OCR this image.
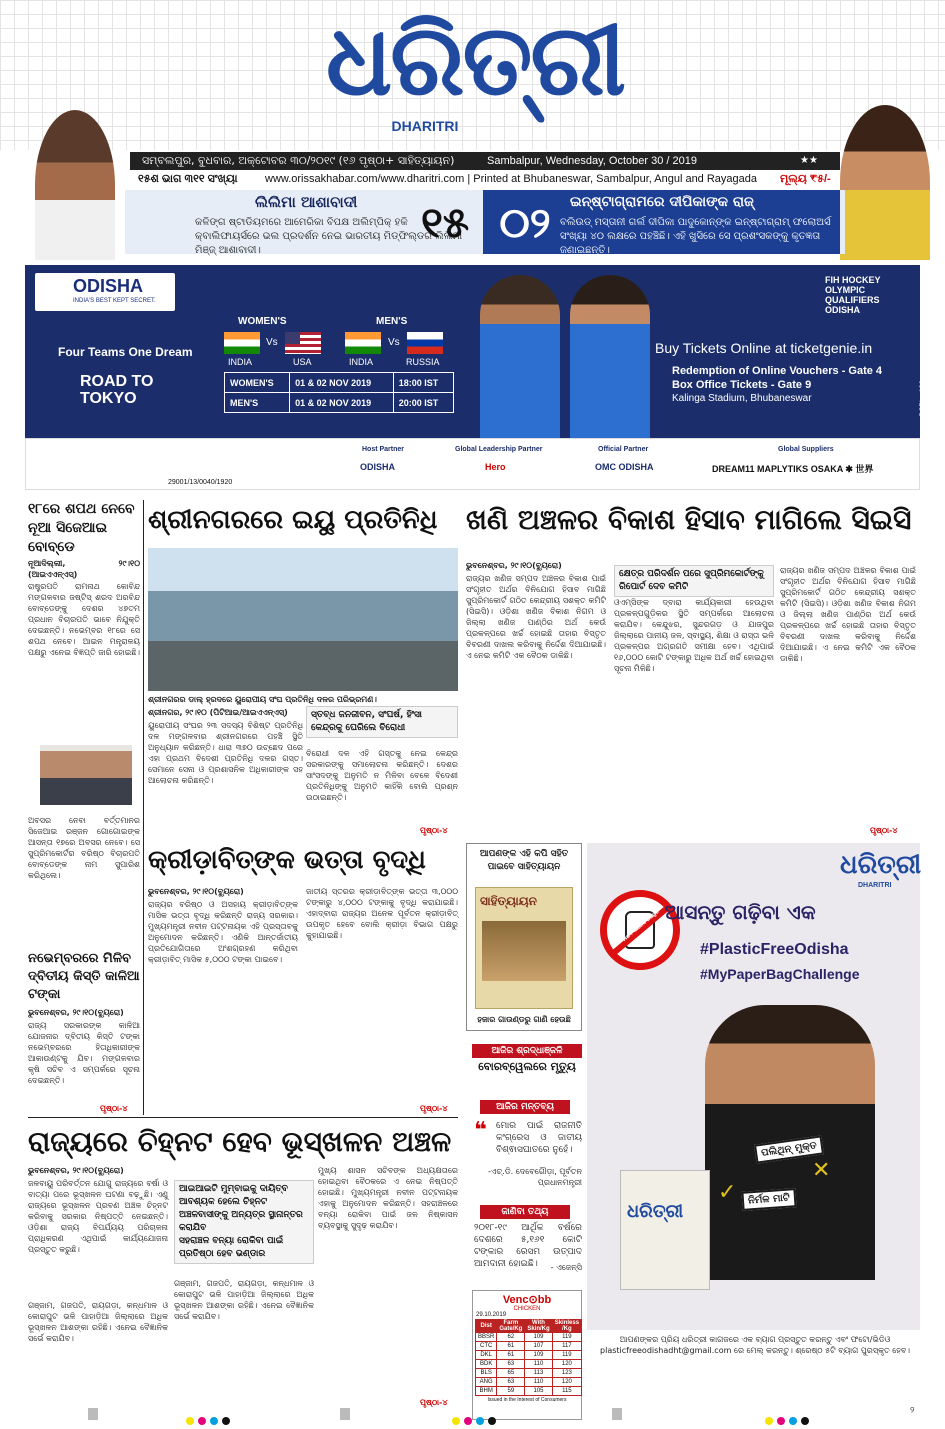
ଧରିତ୍ରୀ
DHARITRI
ସମ୍ବଲପୁର, ବୁଧବାର, ଅକ୍ଟୋବର ୩୦/୨୦୧୯ (୧୬ ପୃଷ୍ଠା+ ସାହିତ୍ୟାୟନ)	Sambalpur, Wednesday, October 30 / 2019	★★
୧୫ଶ ଭାଗ ୩୧୧ ସଂଖ୍ୟା	www.orissakhabar.com/www.dharitri.com | Printed at Bhubaneswar, Sambalpur, Angul and Rayagada	ମୂଲ୍ୟ ₹୫/-
ଲିଲିମା ଆଶାବାଦୀ
କଳିଙ୍ଗ ଷ୍ଟାଡିୟମରେ ଆମେରିକା ବିପକ୍ଷ ଅଲିମ୍ପିକ୍ ହକି କ୍ବାଲିଫାୟର୍ସରେ ଭଲ ପ୍ରଦର୍ଶନ ନେଇ ଭାରତୀୟ ମିଡ୍‌ଫିଲ୍ଡର ଲିଲିମା ମିଞ୍ଜ୍ ଆଶାବାଦୀ।
୧୫ ୦୨	ଇନ୍‌ଷ୍ଟାଗ୍ରାମରେ ଦୀପିକାଙ୍କ ରାଜ୍
ବଲିଉଡ୍ ମସ୍ତାନୀ ଗର୍ଲ ଦୀପିକା ପାଦୁକୋନ୍‌ଙ୍କ ଇନ୍‌ଷ୍ଟାଗ୍ରାମ୍ ଫଲୋଅର୍ସ ସଂଖ୍ୟା ୪୦ ଲକ୍ଷରେ ପହଞ୍ଚିଛି। ଏହି ଖୁସିରେ ସେ ପ୍ରଶଂସକଙ୍କୁ କୃତଜ୍ଞତା ଜଣାଇଛନ୍ତି।
ODISHA
INDIA'S BEST KEPT SECRET.
Four Teams One Dream
ROAD TO
TOKYO
WOMEN'S	MEN'S
Vs	Vs
INDIA	USA	INDIA	RUSSIA
WOMEN'S	01 & 02 NOV 2019	18:00 IST
MEN'S	01 & 02 NOV 2019	20:00 IST
Buy Tickets Online at ticketgenie.in
Redemption of Online Vouchers - Gate 4
Box Office Tickets - Gate 9
Kalinga Stadium, Bhubaneswar
FIH HOCKEY OLYMPIC QUALIFIERS ODISHA
DSPL - 126
Host Partner
ODISHA
Global Leadership Partner
Hero
Official Partner
OMC ODISHA
Global Suppliers
DREAM11 MAPLYTIKS OSAKA ✱ 世界
29001/13/0040/1920
୧୮ରେ ଶପଥ ନେବେ ନୂଆ ସିଜେଆଇ ବୋବ୍‌ଡେ
ନୂଆଦିଲ୍ଲୀ, ୨୯।୧୦ (ଆଇଏଏନ୍‌ଏସ୍)
ରାଷ୍ଟ୍ରପତି ରାମନାଥ କୋବିନ୍ଦ ମଙ୍ଗଳବାର ଜଷ୍ଟିସ୍ ଶରଦ ଅରବିନ୍ଦ ବୋବ୍‌ଡେଙ୍କୁ ଦେଶର ୪୭ତମ ପ୍ରଧାନ ବିଚାରପତି ଭାବେ ନିଯୁକ୍ତି ଦେଇଛନ୍ତି। ନଭେମ୍ବର ୧୮ରେ ସେ ଶପଥ ନେବେ। ଆଇନ ମନ୍ତ୍ରାଳୟ ପକ୍ଷରୁ ଏନେଇ ବିଜ୍ଞପ୍ତି ଜାରି ହୋଇଛି।
ଅବସର ନେବା ବର୍ତ୍ତମାନର ସିଜେଆଇ ରଞ୍ଜନ ଗୋଗୋଇଙ୍କ ଆସନ୍ତା ୧୭ରେ ଅବସର ନେବେ। ସେ ସୁପ୍ରିମକୋର୍ଟର ବରିଷ୍ଠ ବିଚାରପତି ବୋବ୍‌ଡେଙ୍କ ନାମ ସୁପାରିଶ କରିଥିଲେ।
ନଭେମ୍ବରରେ ମିଳିବ ଦ୍ବିତୀୟ କିସ୍ତି କାଳିଆ ଟଙ୍କା
ଭୁବନେଶ୍ବର, ୨୯।୧୦(ବ୍ୟୁରୋ)
ରାଜ୍ୟ ସରକାରଙ୍କ କାଳିଆ ଯୋଜନାର ଦ୍ବିତୀୟ କିସ୍ତି ଟଙ୍କା ନଭେମ୍ବରରେ ହିତାଧିକାରୀଙ୍କ ଆକାଉଣ୍ଟକୁ ଯିବ। ମଙ୍ଗଳବାର କୃଷି ସଚିବ ଏ ସମ୍ପର୍କରେ ସୂଚନା ଦେଇଛନ୍ତି।
ପୃଷ୍ଠା-୪
ଶ୍ରୀନଗରରେ ଇୟୁ ପ୍ରତିନିଧି
ଶ୍ରୀନଗରର ଡାଲ୍ ହ୍ରଦରେ ୟୁରୋପୀୟ ସଂଘ ପ୍ରତିନିଧି ଦଳର ପରିଭ୍ରମଣ।
ଶ୍ରୀନଗର, ୨୯।୧୦ (ପିଟିଆଇ/ଆଇଏଏନ୍‌ଏସ୍)
ୟୁରୋପୀୟ ସଂଘର ୨୩ ସଦସ୍ୟ ବିଶିଷ୍ଟ ପ୍ରତିନିଧି ଦଳ ମଙ୍ଗଳବାର ଶ୍ରୀନଗରରେ ପହଞ୍ଚି ସ୍ଥିତି ଅନୁଧ୍ୟାନ କରିଛନ୍ତି। ଧାରା ୩୭୦ ଉଚ୍ଛେଦ ପରେ ଏହା ପ୍ରଥମ ବିଦେଶୀ ପ୍ରତିନିଧି ଦଳର ଗସ୍ତ। ସେମାନେ ସେନା ଓ ପ୍ରଶାସନିକ ଅଧିକାରୀଙ୍କ ସହ ଆଲୋଚନା କରିଛନ୍ତି।
ସ୍ତବ୍ଧ ଜନଜୀବନ, ସଂଘର୍ଷ, ହିଂସା
କେନ୍ଦ୍ରକୁ ଘେରିଲେ ବିରୋଧୀ
ବିରୋଧୀ ଦଳ ଏହି ଗସ୍ତକୁ ନେଇ କେନ୍ଦ୍ର ସରକାରଙ୍କୁ ସମାଲୋଚନା କରିଛନ୍ତି। ଦେଶର ସାଂସଦଙ୍କୁ ଅନୁମତି ନ ମିଳିବା ବେଳେ ବିଦେଶୀ ପ୍ରତିନିଧିଙ୍କୁ ଅନୁମତି କାହିଁକି ବୋଲି ପ୍ରଶ୍ନ ଉଠାଇଛନ୍ତି।
ପୃଷ୍ଠା-୪
ଖଣି ଅଞ୍ଚଳର ବିକାଶ ହିସାବ ମାଗିଲେ ସିଇସି
ଭୁବନେଶ୍ବର, ୨୯।୧୦(ବ୍ୟୁରୋ)
ରାଜ୍ୟର ଖଣିଜ ସମ୍ପଦ ଅଞ୍ଚଳର ବିକାଶ ପାଇଁ ସଂଗୃହୀତ ଅର୍ଥର ବିନିଯୋଗ ହିସାବ ମାଗିଛି ସୁପ୍ରିମକୋର୍ଟ ଗଠିତ କେନ୍ଦ୍ରୀୟ ସଶକ୍ତ କମିଟି (ସିଇସି)। ଓଡ଼ିଶା ଖଣିଜ ବିକାଶ ନିଗମ ଓ ଜିଲ୍ଲା ଖଣିଜ ପାଣ୍ଠିର ଅର୍ଥ କେଉଁ ପ୍ରକଳ୍ପରେ ଖର୍ଚ୍ଚ ହୋଇଛି ତାହାର ବିସ୍ତୃତ ବିବରଣୀ ଦାଖଲ କରିବାକୁ ନିର୍ଦ୍ଦେଶ ଦିଆଯାଇଛି। ଏ ନେଇ କମିଟି ଏକ ବୈଠକ ଡାକିଛି।
କ୍ଷେତ୍ର ପରିଦର୍ଶନ ପରେ ସୁପ୍ରିମକୋର୍ଟଙ୍କୁ ରିପୋର୍ଟ ଦେବ କମିଟି
ଓଏମ୍‌ସିଙ୍କ ଦ୍ବାରା କାର୍ଯ୍ୟକାରୀ ହେଉଥିବା ପ୍ରକଳ୍ପଗୁଡ଼ିକର ସ୍ଥିତି ସମ୍ପର୍କରେ ଆଲୋଚନା କରାଯିବ। କେନ୍ଦୁଝର, ସୁନ୍ଦରଗଡ଼ ଓ ଯାଜପୁର ଜିଲ୍ଲାରେ ପାନୀୟ ଜଳ, ସ୍ବାସ୍ଥ୍ୟ, ଶିକ୍ଷା ଓ ରାସ୍ତା ଭଳି ପ୍ରକଳ୍ପର ଅଗ୍ରଗତି ସମୀକ୍ଷା ହେବ। ଏଥିପାଇଁ ୧୬,୦୦୦ କୋଟି ଟଙ୍କାରୁ ଅଧିକ ଅର୍ଥ ଖର୍ଚ୍ଚ ହୋଇଥିବା ସୂଚନା ମିଳିଛି।
ରାଜ୍ୟର ଖଣିଜ ସମ୍ପଦ ଅଞ୍ଚଳର ବିକାଶ ପାଇଁ ସଂଗୃହୀତ ଅର୍ଥର ବିନିଯୋଗ ହିସାବ ମାଗିଛି ସୁପ୍ରିମକୋର୍ଟ ଗଠିତ କେନ୍ଦ୍ରୀୟ ସଶକ୍ତ କମିଟି (ସିଇସି)। ଓଡ଼ିଶା ଖଣିଜ ବିକାଶ ନିଗମ ଓ ଜିଲ୍ଲା ଖଣିଜ ପାଣ୍ଠିର ଅର୍ଥ କେଉଁ ପ୍ରକଳ୍ପରେ ଖର୍ଚ୍ଚ ହୋଇଛି ତାହାର ବିସ୍ତୃତ ବିବରଣୀ ଦାଖଲ କରିବାକୁ ନିର୍ଦ୍ଦେଶ ଦିଆଯାଇଛି। ଏ ନେଇ କମିଟି ଏକ ବୈଠକ ଡାକିଛି।
ପୃଷ୍ଠା-୪
କ୍ରୀଡ଼ାବିତ୍‌ଙ୍କ ଭତ୍ତା ବୃଦ୍ଧି
ଭୁବନେଶ୍ବର, ୨୯।୧୦(ବ୍ୟୁରୋ)
ରାଜ୍ୟର ବରିଷ୍ଠ ଓ ଅସହାୟ କ୍ରୀଡ଼ାବିତ୍‌ଙ୍କ ମାସିକ ଭତ୍ତା ବୃଦ୍ଧି କରିଛନ୍ତି ରାଜ୍ୟ ସରକାର। ମୁଖ୍ୟମନ୍ତ୍ରୀ ନବୀନ ପଟ୍ଟନାୟକ ଏହି ପ୍ରସ୍ତାବକୁ ଅନୁମୋଦନ କରିଛନ୍ତି। ଏଣିକି ଆନ୍ତର୍ଜାତୀୟ ପ୍ରତିଯୋଗିତାରେ ଅଂଶଗ୍ରହଣ କରିଥିବା କ୍ରୀଡ଼ାବିତ୍ ମାସିକ ୫,୦୦୦ ଟଙ୍କା ପାଇବେ।
ଜାତୀୟ ସ୍ତରର କ୍ରୀଡ଼ାବିତ୍‌ଙ୍କ ଭତ୍ତା ୩,୦୦୦ ଟଙ୍କାରୁ ୪,୦୦୦ ଟଙ୍କାକୁ ବୃଦ୍ଧି କରାଯାଇଛି। ଏହାଦ୍ବାରା ରାଜ୍ୟର ଅନେକ ପୂର୍ବତନ କ୍ରୀଡ଼ାବିତ୍ ଉପକୃତ ହେବେ ବୋଲି କ୍ରୀଡ଼ା ବିଭାଗ ପକ୍ଷରୁ କୁହାଯାଇଛି।
ପୃଷ୍ଠା-୪
ରାଜ୍ୟରେ ଚିହ୍ନଟ ହେବ ଭୂସ୍ଖଳନ ଅଞ୍ଚଳ
ଭୁବନେଶ୍ବର, ୨୯।୧୦(ବ୍ୟୁରୋ)
ଜଳବାୟୁ ପରିବର୍ତ୍ତନ ଯୋଗୁ ରାଜ୍ୟରେ ବର୍ଷା ଓ ବାତ୍ୟା ପରେ ଭୂସ୍ଖଳନ ଘଟଣା ବଢ଼ୁଛି। ଏଣୁ ରାଜ୍ୟରେ ଭୂସ୍ଖଳନ ପ୍ରବଣ ଅଞ୍ଚଳ ଚିହ୍ନଟ କରିବାକୁ ସରକାର ନିଷ୍ପତ୍ତି ନେଇଛନ୍ତି। ଓଡ଼ିଶା ରାଜ୍ୟ ବିପର୍ଯ୍ୟୟ ପରିଚାଳନା ପ୍ରାଧିକରଣ ଏଥିପାଇଁ କାର୍ଯ୍ୟଯୋଜନା ପ୍ରସ୍ତୁତ କରୁଛି।
ଗଞ୍ଜାମ, ଗଜପତି, ରାୟଗଡ଼ା, କନ୍ଧମାଳ ଓ କୋରାପୁଟ ଭଳି ପାହାଡ଼ିଆ ଜିଲ୍ଲାରେ ଅଧିକ ଭୂସ୍ଖଳନ ଆଶଙ୍କା ରହିଛି। ଏନେଇ ବୈଜ୍ଞାନିକ ସର୍ଭେ କରାଯିବ।
ଆଇଆଇଟି ମୁମ୍ବାଇକୁ ଦାୟିତ୍ବ
ଆବଶ୍ୟକ ହେଲେ ଚିହ୍ନଟ ଅଞ୍ଚଳବାସୀଙ୍କୁ ଅନ୍ୟତ୍ର ସ୍ଥାନାନ୍ତର କରାଯିବ
ସହରାଞ୍ଚଳ ବନ୍ୟା ରୋକିବା ପାଇଁ ପ୍ରତିଷ୍ଠା ହେବ ଭଣ୍ଡାର
ଗଞ୍ଜାମ, ଗଜପତି, ରାୟଗଡ଼ା, କନ୍ଧମାଳ ଓ କୋରାପୁଟ ଭଳି ପାହାଡ଼ିଆ ଜିଲ୍ଲାରେ ଅଧିକ ଭୂସ୍ଖଳନ ଆଶଙ୍କା ରହିଛି। ଏନେଇ ବୈଜ୍ଞାନିକ ସର୍ଭେ କରାଯିବ।
ମୁଖ୍ୟ ଶାସନ ସଚିବଙ୍କ ଅଧ୍ୟକ୍ଷତାରେ ହୋଇଥିବା ବୈଠକରେ ଏ ନେଇ ନିଷ୍ପତ୍ତି ହୋଇଛି। ମୁଖ୍ୟମନ୍ତ୍ରୀ ନବୀନ ପଟ୍ଟନାୟକ ଏହାକୁ ଅନୁମୋଦନ କରିଛନ୍ତି। ସହରାଞ୍ଚଳରେ ବନ୍ୟା ରୋକିବା ପାଇଁ ଜଳ ନିଷ୍କାସନ ବ୍ୟବସ୍ଥାକୁ ସୁଦୃଢ଼ କରାଯିବ।
ପୃଷ୍ଠା-୪
ଆପଣଙ୍କ ଏହି କପି ସହିତ ପାଇବେ ସାହିତ୍ୟାୟନ
ସାହିତ୍ୟାୟନ
ହଜାର ଗାଉଣ୍ଡରୁ ଗାଣି ହେଉଛି
ଆଜିର ଶ୍ରଦ୍ଧାଞ୍ଜଳି
ବୋରବ୍ୱେଲରେ ମୃତ୍ୟୁ
ଆଜିର ମନ୍ତବ୍ୟ
❝ ମୋର ପାଇଁ ରାଜନୀତି କଂଗ୍ରେସ ଓ ଜାତୀୟ ବିଶ୍ଵାସଘାତରେ ନୁହେଁ।
-ଏଚ୍.ଡି. ଦେବେଗୌଡ଼ା, ପୂର୍ବତନ ପ୍ରଧାନମନ୍ତ୍ରୀ
ଜାଣିବା ତଥ୍ୟ
୨୦୧୮-୧୯ ଆର୍ଥିକ ବର୍ଷରେ ଦେଶରେ ୫,୧୬୧ କୋଟି ଟଙ୍କାର ରେସମ ଉତ୍ପାଦ ଆମଦାନୀ ହୋଇଛି।	- ଏଜେନ୍ସି
Venc⊙bb
CHICKEN
29.10.2019
Dist	Farm Gate/Kg	With Skin/Kg	Skinless /Kg
BBSR	62	109	119
CTC	61	107	117
DKL	61	109	119
BDK	63	110	120
BLS	65	113	123
ANG	63	110	120
BHM	59	105	115
Issued in the Interest of Consumers
ଧରିତ୍ରୀ
DHARITRI
No Plastic Bags ଆସନ୍ତୁ ଗଢ଼ିବା ଏକ
#PlasticFreeOdisha
#MyPaperBagChallenge
ପଲିଥିନ୍ ମୁକ୍ତ
✕
✓	ନିର୍ମଳ ମାଟି
ଧରିତ୍ରୀ
ଆପଣଙ୍କର ପ୍ରିୟ ଧରିତ୍ରୀ କାଗଜରେ ଏକ ବ୍ୟାଗ ପ୍ରସ୍ତୁତ କରନ୍ତୁ ଏବଂ ଫଟୋ/ଭିଡିଓ plasticfreeodishadht@gmail.com ରେ ମେଲ୍ କରନ୍ତୁ। ଶ୍ରେଷ୍ଠ ୫ଟି ବ୍ୟାଗ ପୁରସ୍କୃତ ହେବ।
୨
